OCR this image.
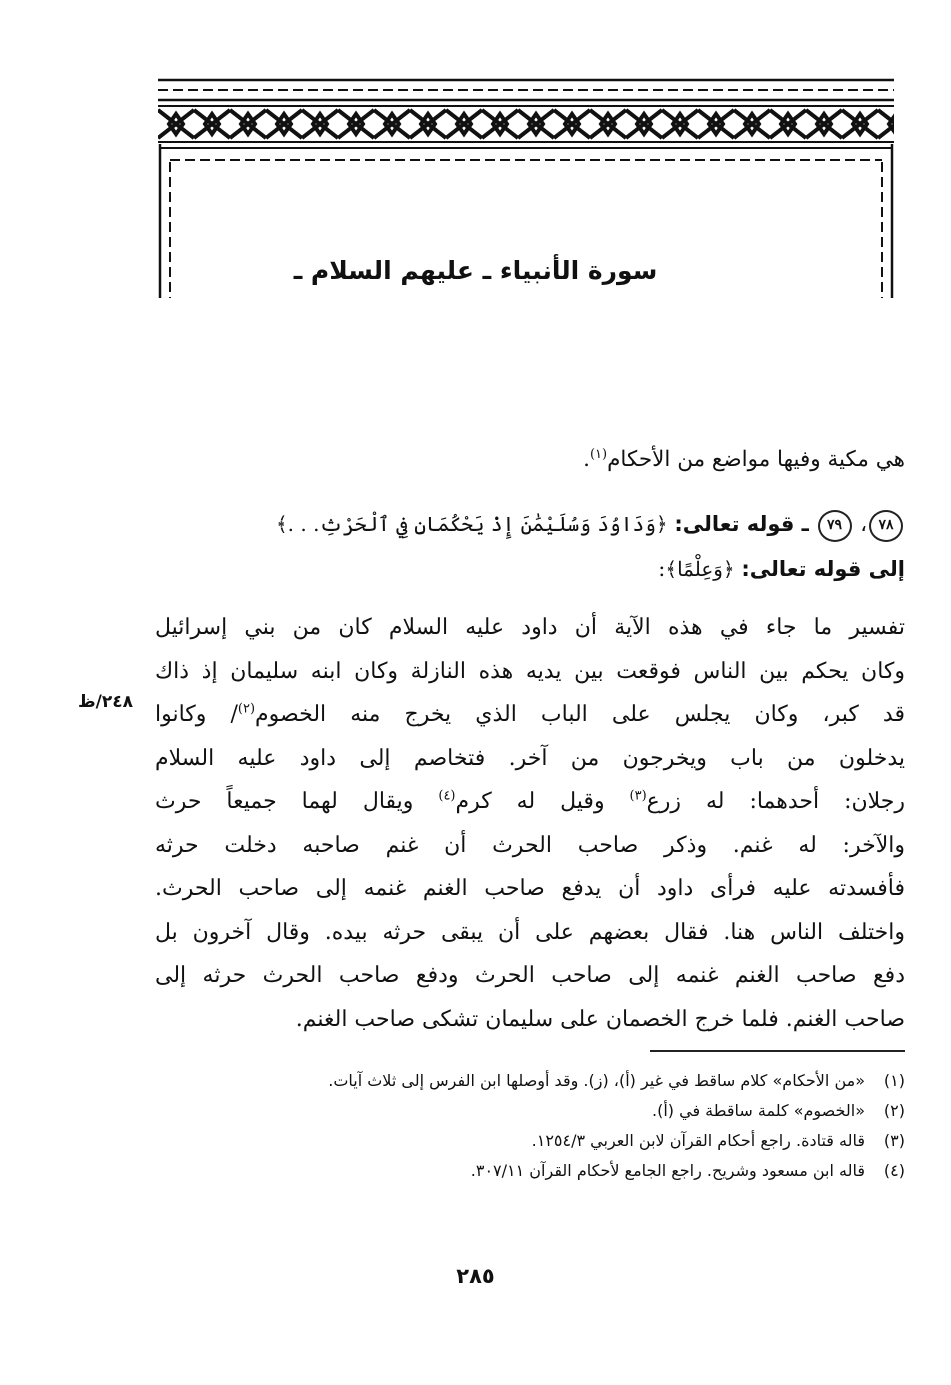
سورة الأنبياء ـ عليهم السلام ـ
هي مكية وفيها مواضع من الأحكام$^{(١)}$.
٧٨، ٧٩ ـ قوله تعالى: ﴿وَدَاوُدَ وَسُلَيْمَٰنَ إِذْ يَحْكُمَانِ فِي ٱلْحَرْثِ. . .﴾
إلى قوله تعالى: ﴿وَعِلْمًا﴾:
تفسير ما جاء في هذه الآية أن داود عليه السلام كان من بني إسرائيل
وكان يحكم بين الناس فوقعت بين يديه هذه النازلة وكان ابنه سليمان إذ ذاك
قد كبر، وكان يجلس على الباب الذي يخرج منه الخصوم$^{(٢)}$/ وكانوا
يدخلون من باب ويخرجون من آخر. فتخاصم إلى داود عليه السلام
رجلان: أحدهما: له زرع$^{(٣)}$ وقيل له كرم$^{(٤)}$ ويقال لهما جميعاً حرث
والآخر: له غنم. وذكر صاحب الحرث أن غنم صاحبه دخلت حرثه
فأفسدته عليه فرأى داود أن يدفع صاحب الغنم غنمه إلى صاحب الحرث.
واختلف الناس هنا. فقال بعضهم على أن يبقى حرثه بيده. وقال آخرون بل
دفع صاحب الغنم غنمه إلى صاحب الحرث ودفع صاحب الحرث حرثه إلى
صاحب الغنم. فلما خرج الخصمان على سليمان تشكى صاحب الغنم.
٢٤٨/ظ
(١)
«من الأحكام» كلام ساقط في غير (أ)، (ز). وقد أوصلها ابن الفرس إلى ثلاث آيات.
(٢)
«الخصوم» كلمة ساقطة في (أ).
(٣)
قاله قتادة. راجع أحكام القرآن لابن العربي ١٢٥٤/٣.
(٤)
قاله ابن مسعود وشريح. راجع الجامع لأحكام القرآن ٣٠٧/١١.
٢٨٥
